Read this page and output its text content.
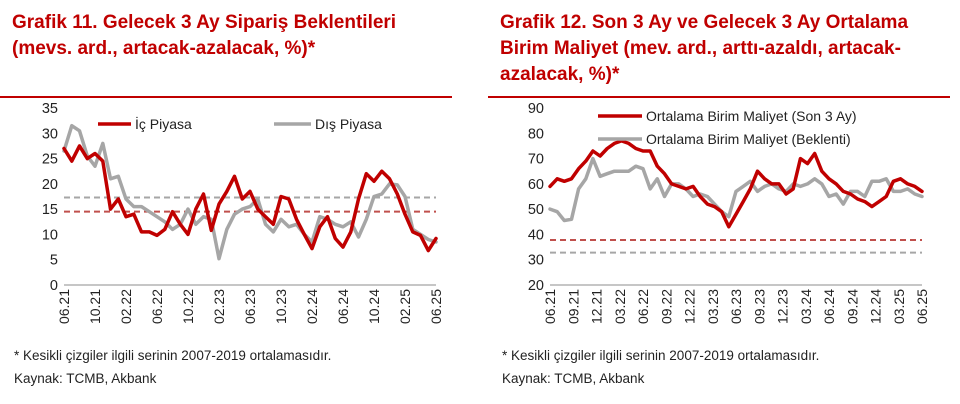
Grafik 11. Gelecek 3 Ay Sipariş Beklentileri
(mevs. ard., artacak-azalacak, %)*
0
5
10
15
20
25
30
35
06.21 10.21 02.22 06.22 10.22 02.23 06.23 10.23 02.24 06.24 10.24 02.25 06.25
İç Piyasa	Dış Piyasa
* Kesikli çizgiler ilgili serinin 2007-2019 ortalamasıdır.
Kaynak: TCMB, Akbank
Grafik 12. Son 3 Ay ve Gelecek 3 Ay Ortalama
Birim Maliyet (mev. ard., arttı-azaldı, artacak-
azalacak, %)*
20
30
40
50
60
70
80
90
06.21 09.21 12.21 03.22 06.22 09.22 12.22 03.23 06.23 09.23 12.23 03.24 06.24 09.24 12.24 03.25 06.25
Ortalama Birim Maliyet (Son 3 Ay)
Ortalama Birim Maliyet (Beklenti)
* Kesikli çizgiler ilgili serinin 2007-2019 ortalamasıdır.
Kaynak: TCMB, Akbank
